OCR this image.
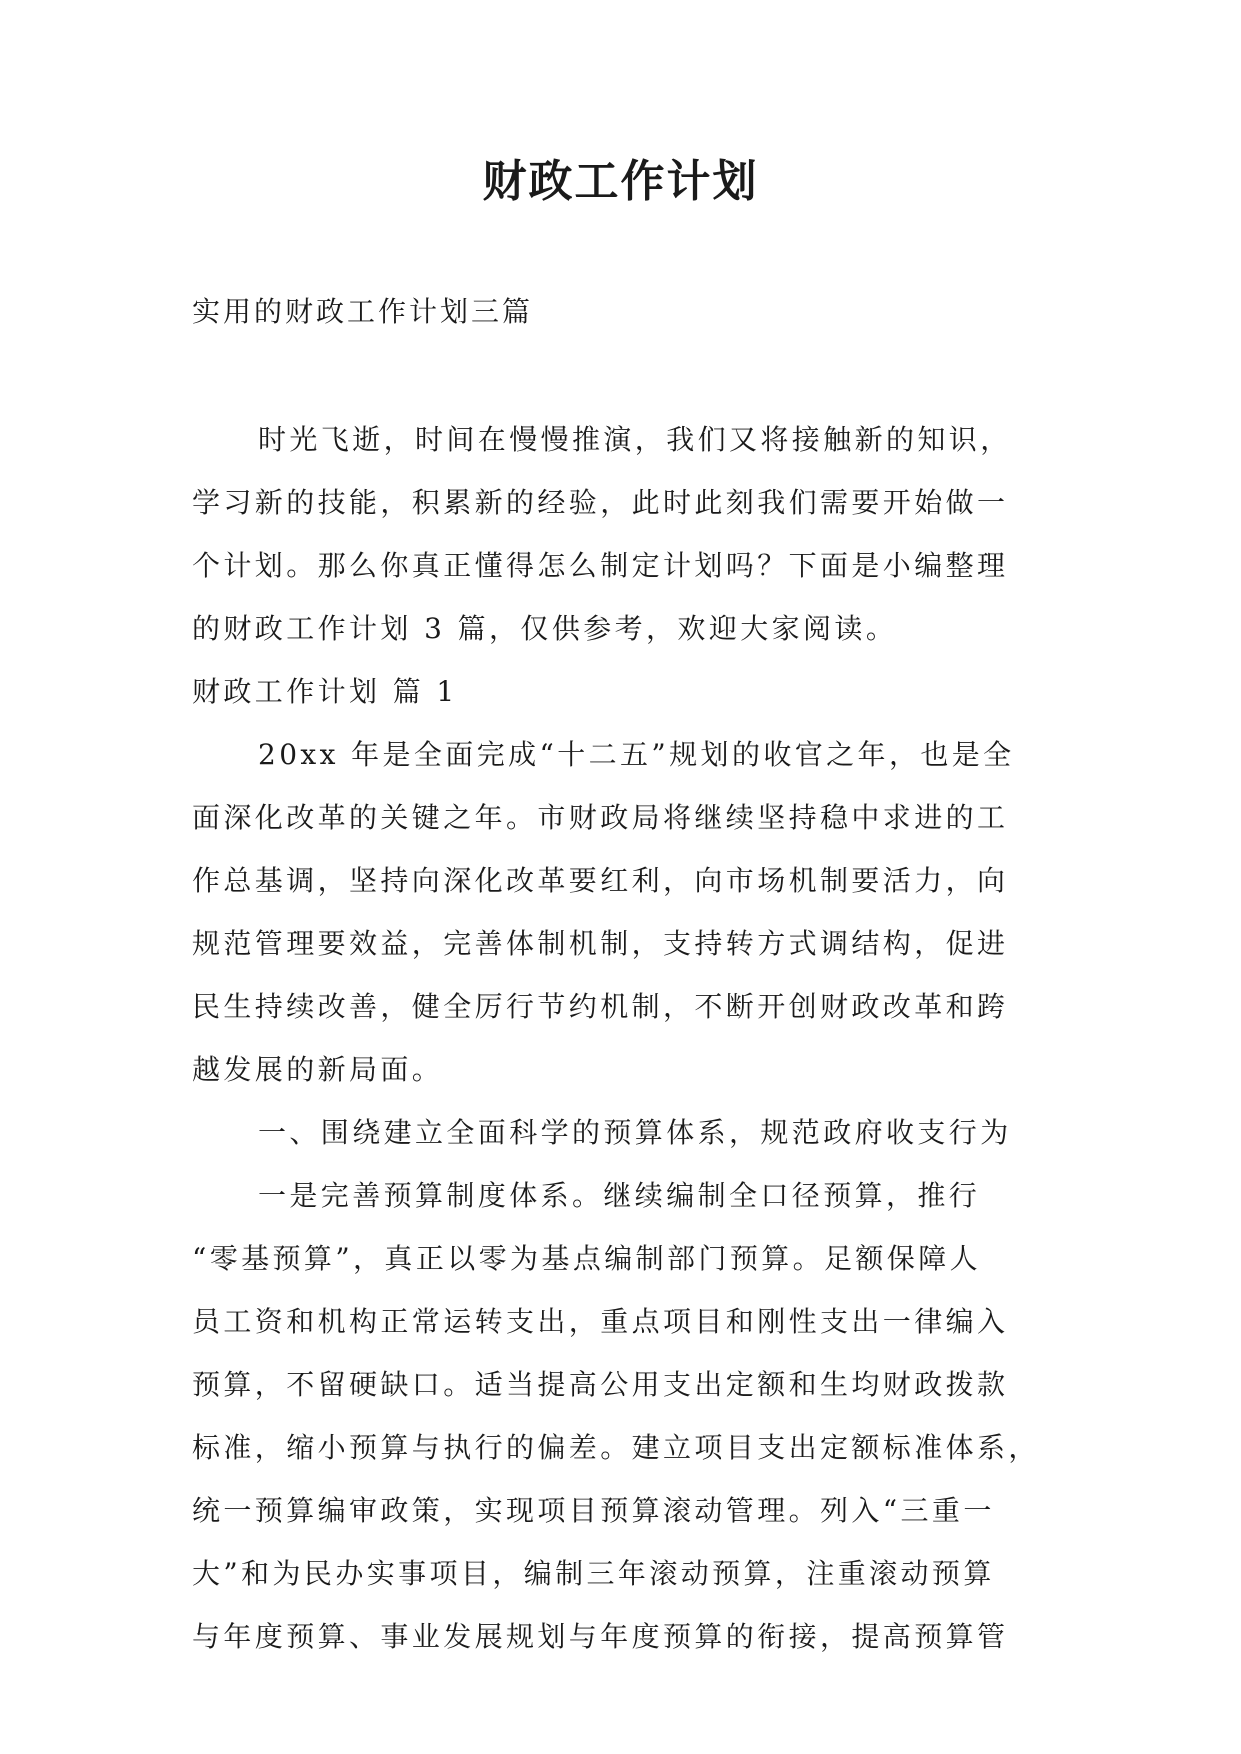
财政工作计划

实用的财政工作计划三篇

时光飞逝，时间在慢慢推演，我们又将接触新的知识，

学习新的技能，积累新的经验，此时此刻我们需要开始做一

个计划。那么你真正懂得怎么制定计划吗？下面是小编整理

的财政工作计划 3 篇，仅供参考，欢迎大家阅读。

财政工作计划 篇 1

20xx 年是全面完成“十二五”规划的收官之年，也是全

面深化改革的关键之年。市财政局将继续坚持稳中求进的工

作总基调，坚持向深化改革要红利，向市场机制要活力，向

规范管理要效益，完善体制机制，支持转方式调结构，促进

民生持续改善，健全厉行节约机制，不断开创财政改革和跨

越发展的新局面。

一、围绕建立全面科学的预算体系，规范政府收支行为

一是完善预算制度体系。继续编制全口径预算，推行

“零基预算”，真正以零为基点编制部门预算。足额保障人

员工资和机构正常运转支出，重点项目和刚性支出一律编入

预算，不留硬缺口。适当提高公用支出定额和生均财政拨款

标准，缩小预算与执行的偏差。建立项目支出定额标准体系，

统一预算编审政策，实现项目预算滚动管理。列入“三重一

大”和为民办实事项目，编制三年滚动预算，注重滚动预算

与年度预算、事业发展规划与年度预算的衔接，提高预算管
